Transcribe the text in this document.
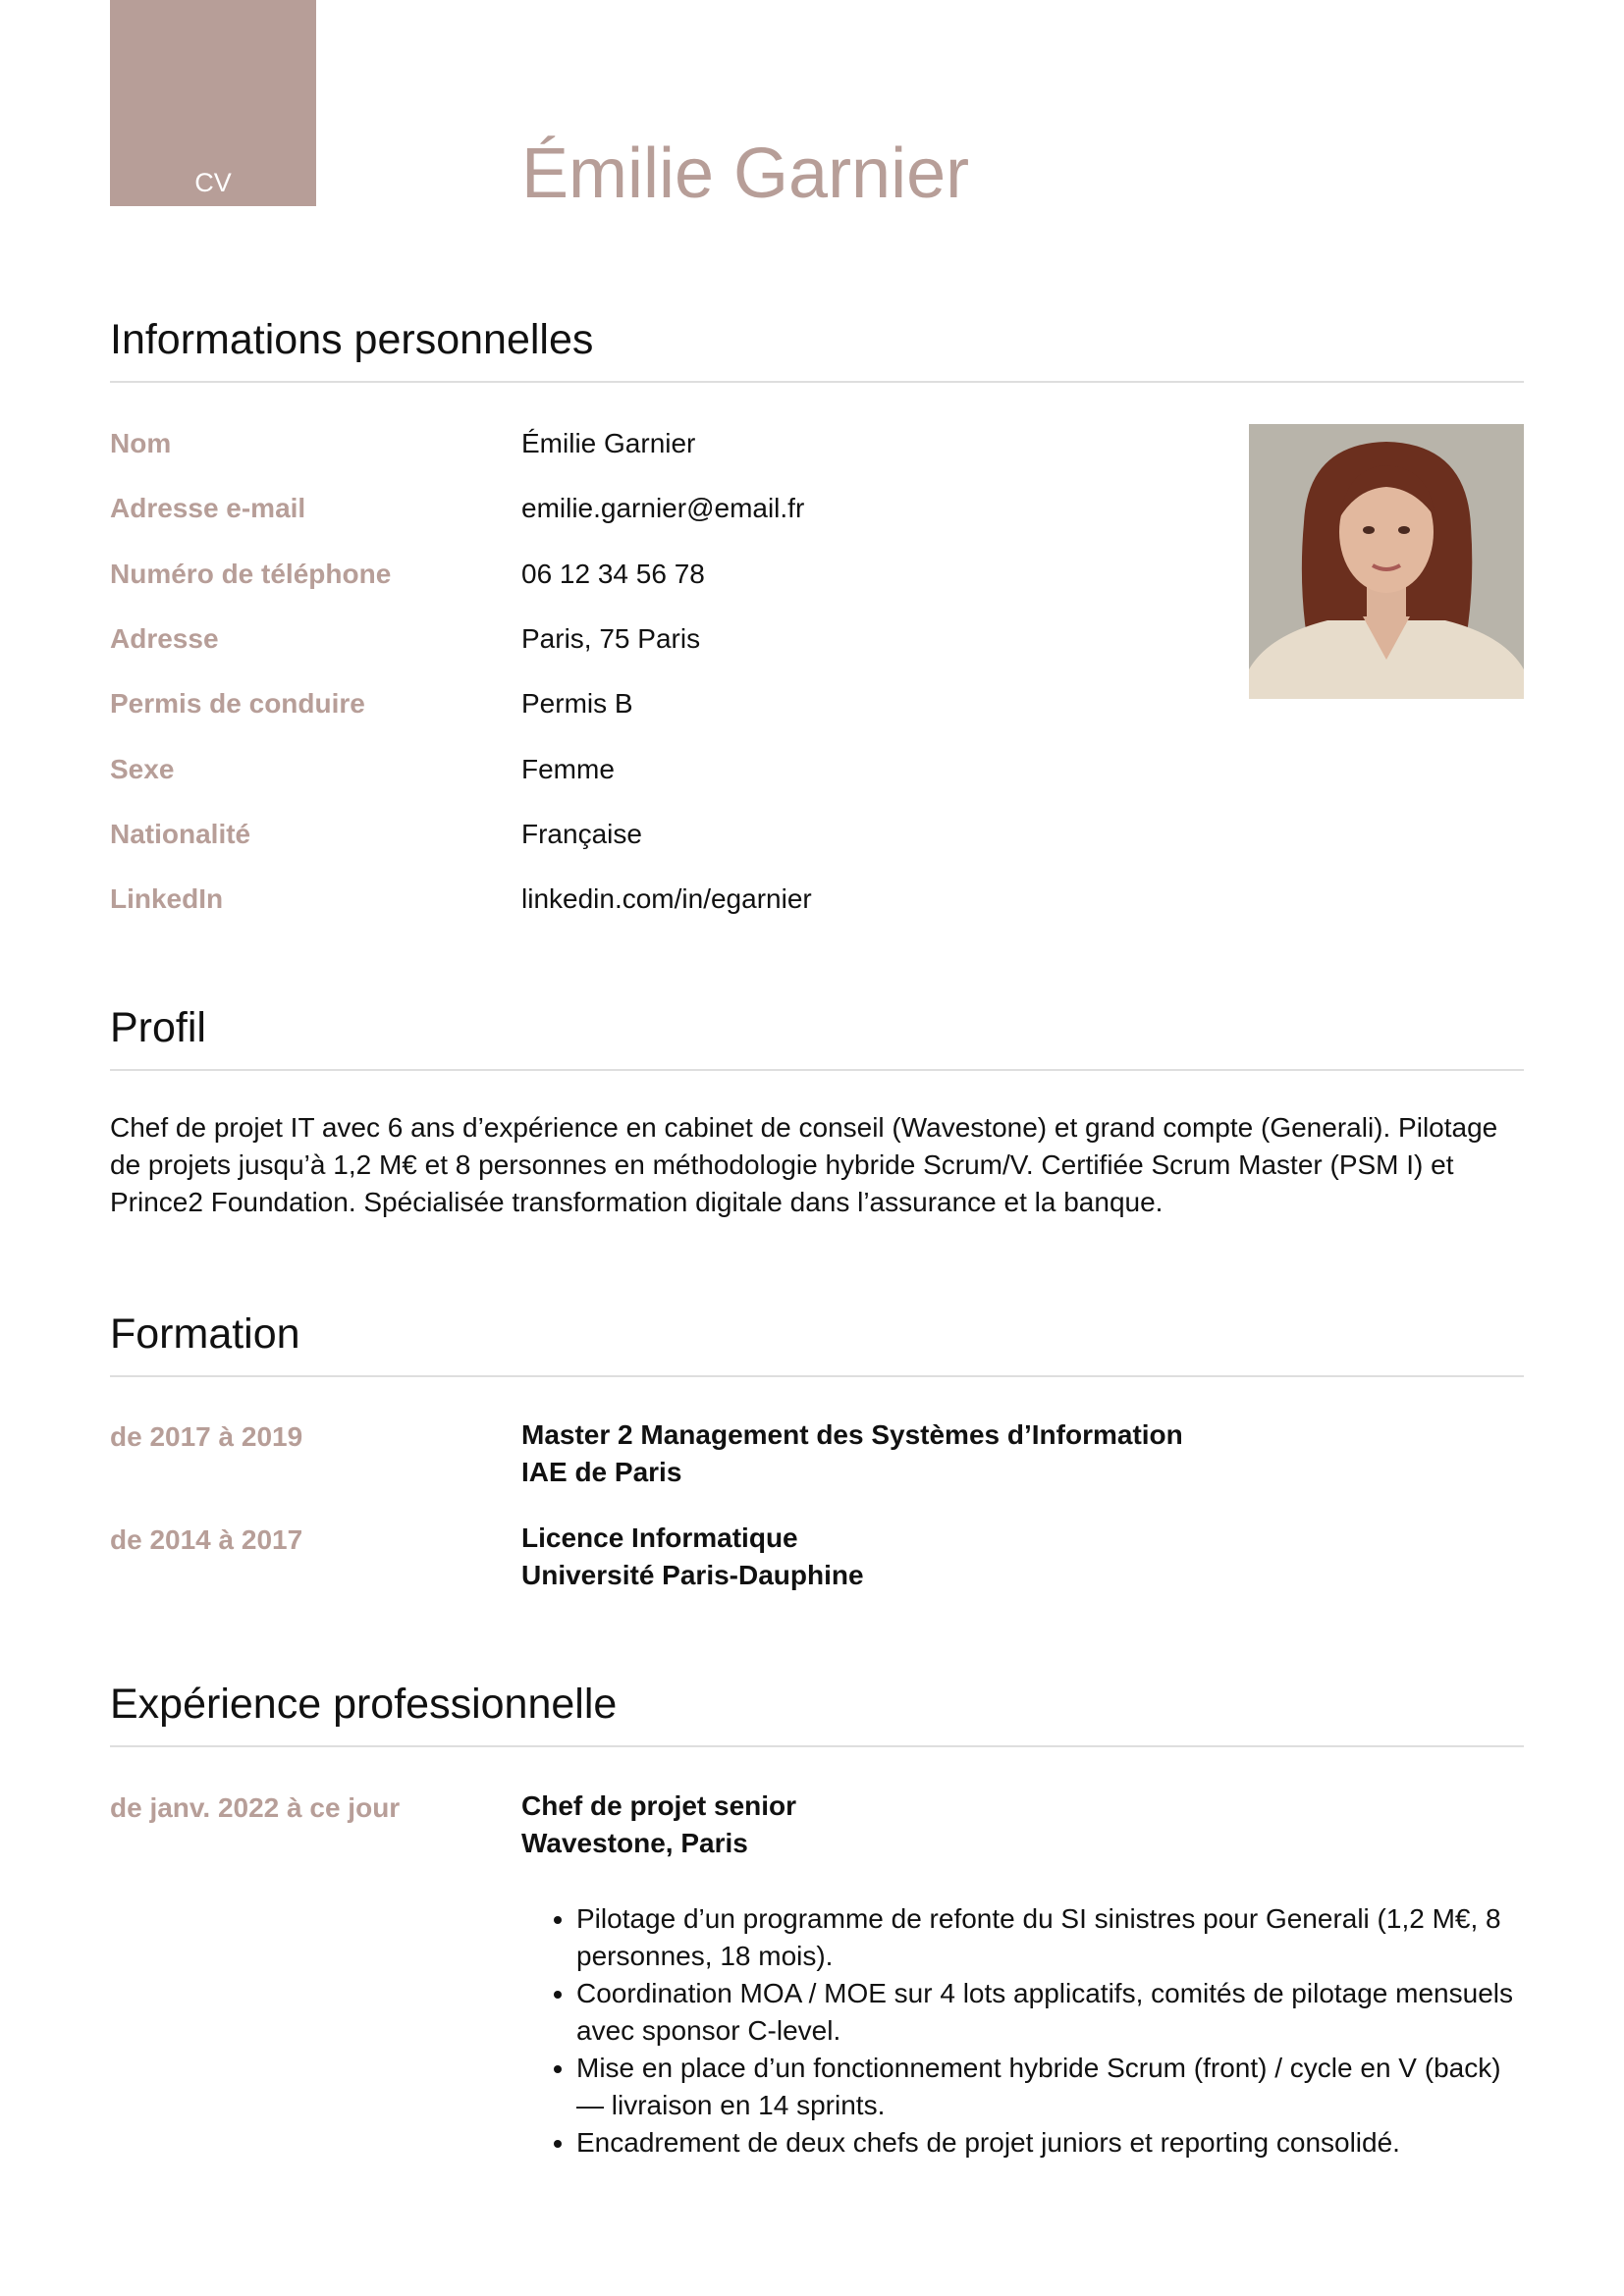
CV	Émilie Garnier
Informations personnelles
Nom	Émilie Garnier
Adresse e-mail	emilie.garnier@email.fr
Numéro de téléphone	06 12 34 56 78
Adresse	Paris, 75 Paris
Permis de conduire	Permis B
Sexe	Femme
Nationalité	Française
LinkedIn	linkedin.com/in/egarnier
Profil

Chef de projet IT avec 6 ans d’expérience en cabinet de conseil (Wavestone) et grand compte (Generali). Pilotage de projets jusqu’à 1,2 M€ et 8 personnes en méthodologie hybride Scrum/V. Certifiée Scrum Master (PSM I) et Prince2 Foundation. Spécialisée transformation digitale dans l’assurance et la banque.

Formation
de 2017 à 2019	Master 2 Management des Systèmes d’Information
IAE de Paris
de 2014 à 2017	Licence Informatique
Université Paris-Dauphine
Expérience professionnelle
de janv. 2022 à ce jour	Chef de projet senior
Wavestone, Paris
• Pilotage d’un programme de refonte du SI sinistres pour Generali (1,2 M€, 8 personnes, 18 mois).
• Coordination MOA / MOE sur 4 lots applicatifs, comités de pilotage mensuels avec sponsor C-level.
• Mise en place d’un fonctionnement hybride Scrum (front) / cycle en V (back) — livraison en 14 sprints.
• Encadrement de deux chefs de projet juniors et reporting consolidé.
